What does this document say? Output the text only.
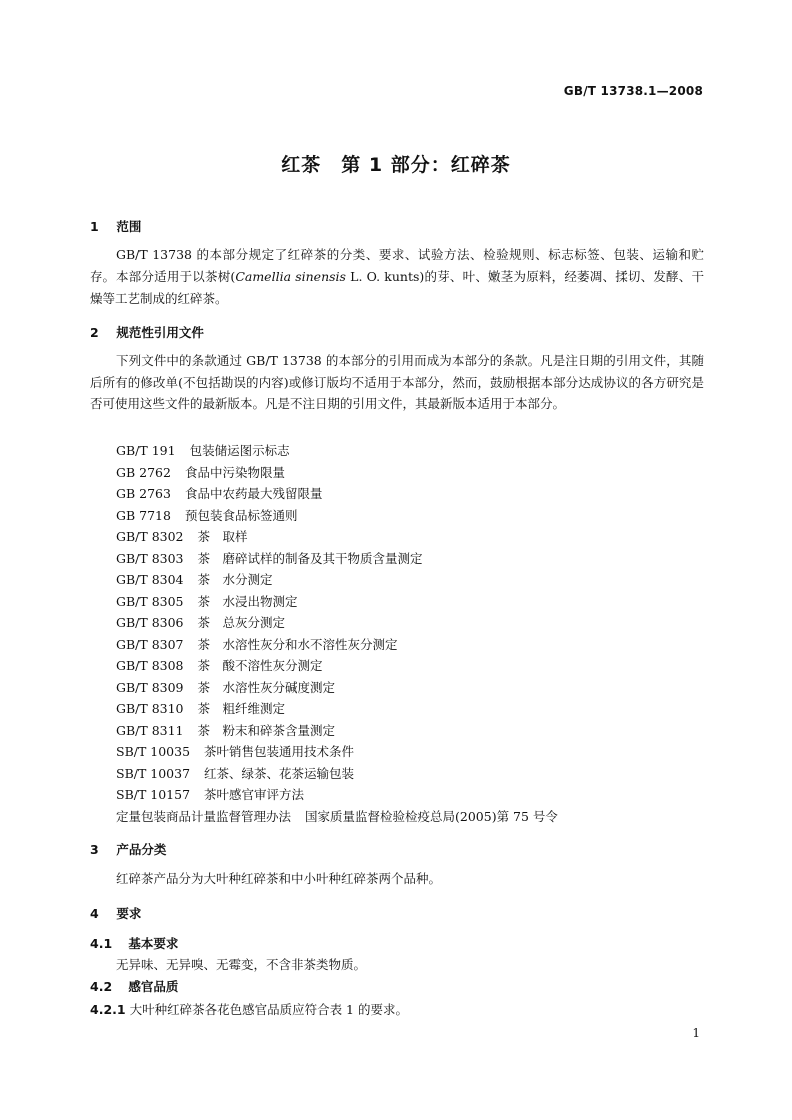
GB/T 13738.1—2008
红茶　第 1 部分：红碎茶
1 范围
GB/T 13738 的本部分规定了红碎茶的分类、要求、试验方法、检验规则、标志标签、包装、运输和贮存。 本部分适用于以茶树(Camellia sinensis L. O. kunts)的芽、叶、嫩茎为原料，经萎凋、揉切、发酵、干燥等工艺制成的红碎茶。
2 规范性引用文件
下列文件中的条款通过 GB/T 13738 的本部分的引用而成为本部分的条款。凡是注日期的引用文件，其随后所有的修改单(不包括勘误的内容)或修订版均不适用于本部分，然而，鼓励根据本部分达成协议的各方研究是否可使用这些文件的最新版本。凡是不注日期的引用文件，其最新版本适用于本部分。
GB/T 191 包装储运图示标志
GB 2762 食品中污染物限量
GB 2763 食品中农药最大残留限量
GB 7718 预包装食品标签通则
GB/T 8302 茶　取样
GB/T 8303 茶　磨碎试样的制备及其干物质含量测定
GB/T 8304 茶　水分测定
GB/T 8305 茶　水浸出物测定
GB/T 8306 茶　总灰分测定
GB/T 8307 茶　水溶性灰分和水不溶性灰分测定
GB/T 8308 茶　酸不溶性灰分测定
GB/T 8309 茶　水溶性灰分碱度测定
GB/T 8310 茶　粗纤维测定
GB/T 8311 茶　粉末和碎茶含量测定
SB/T 10035 茶叶销售包装通用技术条件
SB/T 10037 红茶、绿茶、花茶运输包装
SB/T 10157 茶叶感官审评方法
定量包装商品计量监督管理办法 国家质量监督检验检疫总局(2005)第 75 号令
3 产品分类
红碎茶产品分为大叶种红碎茶和中小叶种红碎茶两个品种。
4 要求
4.1 基本要求
无异味、无异嗅、无霉变，不含非茶类物质。
4.2 感官品质
4.2.1 大叶种红碎茶各花色感官品质应符合表 1 的要求。
1
